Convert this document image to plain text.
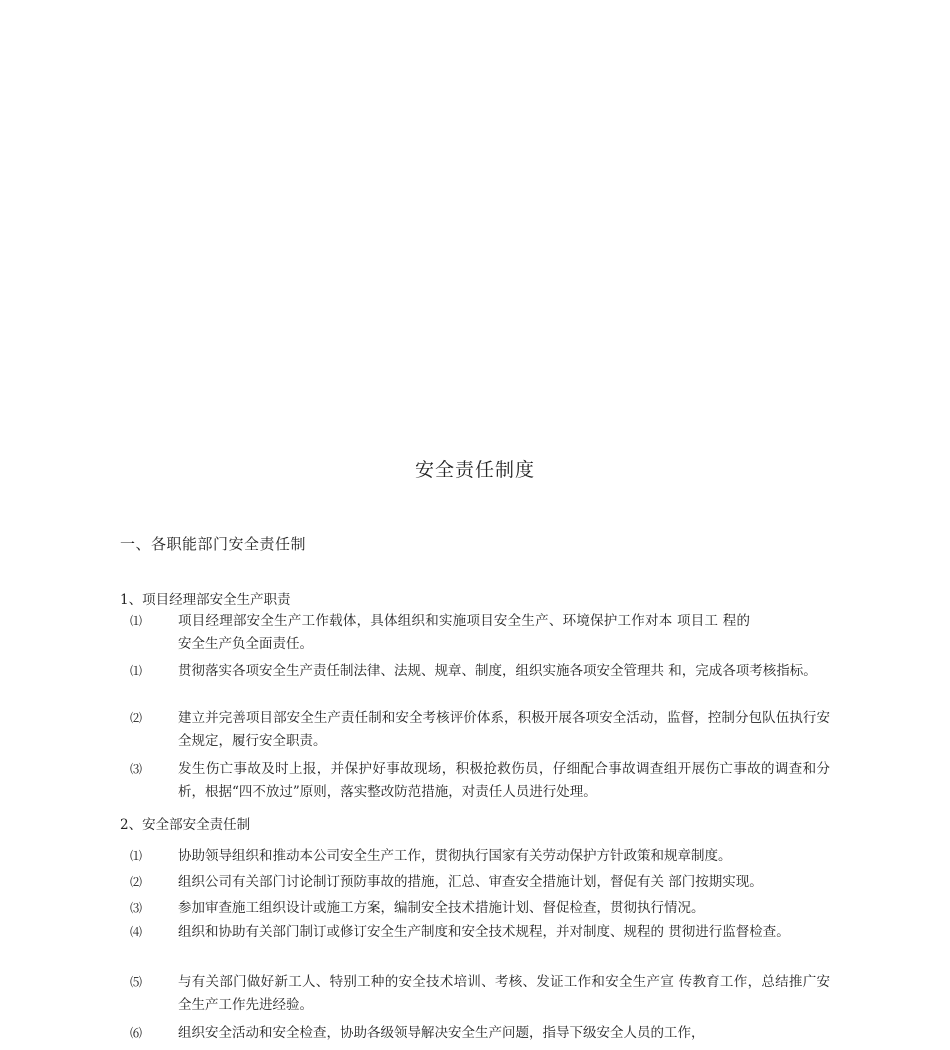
安全责任制度
一、各职能部门安全责任制
1、项目经理部安全生产职责
⑴	项目经理部安全生产工作载体，具体组织和实施项目安全生产、环境保护工作对本 项目工 程的安全生产负全面责任。
⑴	贯彻落实各项安全生产责任制法律、法规、规章、制度，组织实施各项安全管理共 和，完成各项考核指标。
⑵	建立并完善项目部安全生产责任制和安全考核评价体系，积极开展各项安全活动，监督，控制分包队伍执行安全规定，履行安全职责。
⑶	发生伤亡事故及时上报，并保护好事故现场，积极抢救伤员，仔细配合事故调查组开展伤亡事故的调查和分析，根据“四不放过”原则，落实整改防范措施，对责任人员进行处理。
2、安全部安全责任制
⑴	协助领导组织和推动本公司安全生产工作，贯彻执行国家有关劳动保护方针政策和规章制度。
⑵	组织公司有关部门讨论制订预防事故的措施，汇总、审查安全措施计划，督促有关 部门按期实现。
⑶	参加审查施工组织设计或施工方案，编制安全技术措施计划、督促检查，贯彻执行情况。
⑷	组织和协助有关部门制订或修订安全生产制度和安全技术规程，并对制度、规程的 贯彻进行监督检查。
⑸	与有关部门做好新工人、特别工种的安全技术培训、考核、发证工作和安全生产宣 传教育工作，总结推广安全生产工作先进经验。
⑹	组织安全活动和安全检查，协助各级领导解决安全生产问题，指导下级安全人员的工作，
